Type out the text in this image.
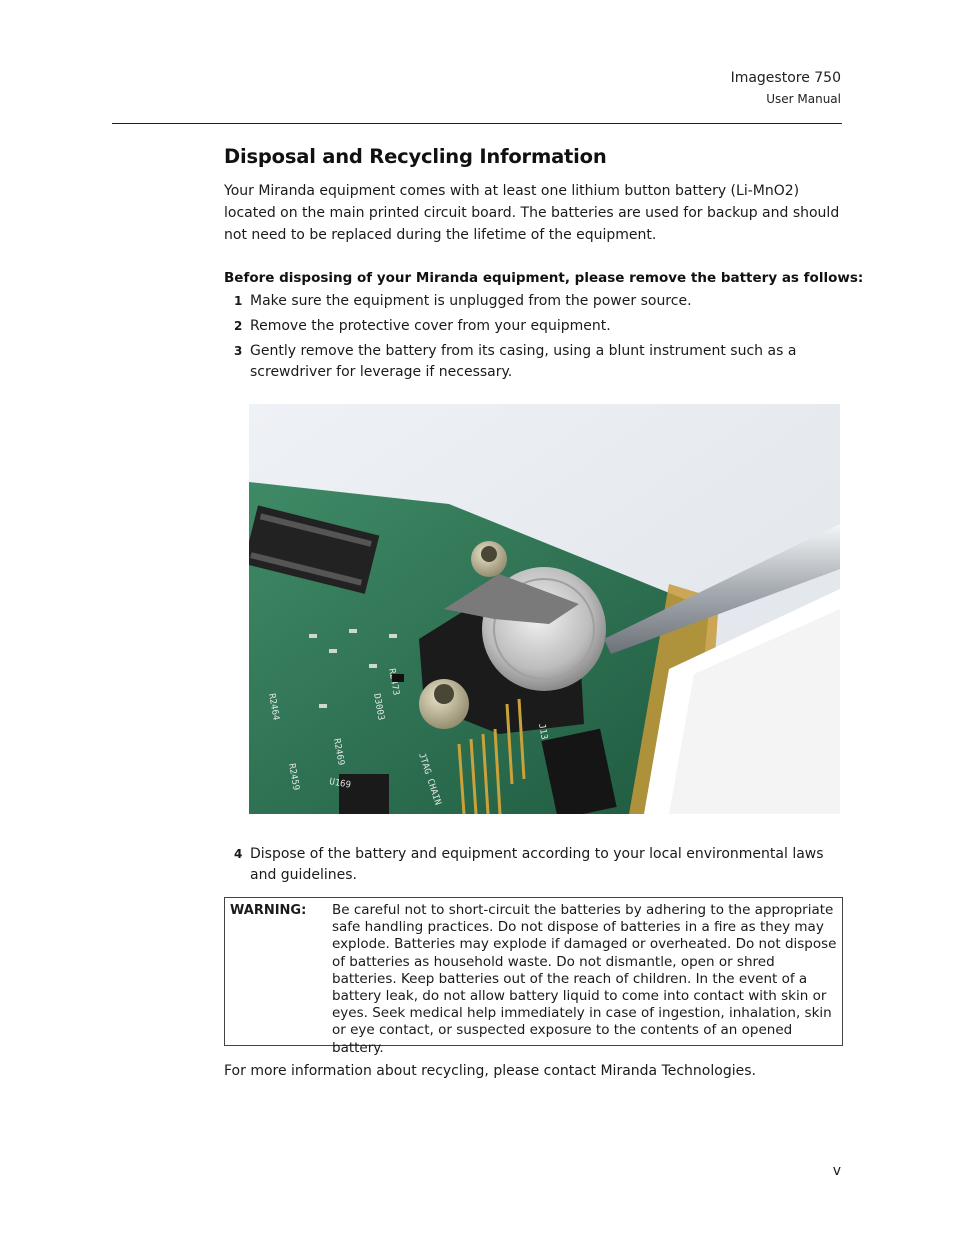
Imagestore 750
User Manual
Disposal and Recycling Information
Your Miranda equipment comes with at least one lithium button battery (Li-MnO2) located on the main printed circuit board. The batteries are used for backup and should not need to be replaced during the lifetime of the equipment.
Before disposing of your Miranda equipment, please remove the battery as follows:
1 Make sure the equipment is unplugged from the power source.
2 Remove the protective cover from your equipment.
3 Gently remove the battery from its casing, using a blunt instrument such as a screwdriver for leverage if necessary.
R2459
R2469
R2464
U169	JTAG CHAIN
D3003
J13
4 Dispose of the battery and equipment according to your local environmental laws and guidelines.
WARNING: Be careful not to short-circuit the batteries by adhering to the appropriate safe handling practices. Do not dispose of batteries in a fire as they may explode. Batteries may explode if damaged or overheated. Do not dispose of batteries as household waste. Do not dismantle, open or shred batteries. Keep batteries out of the reach of children. In the event of a battery leak, do not allow battery liquid to come into contact with skin or eyes. Seek medical help immediately in case of ingestion, inhalation, skin or eye contact, or suspected exposure to the contents of an opened battery.
For more information about recycling, please contact Miranda Technologies.
v
